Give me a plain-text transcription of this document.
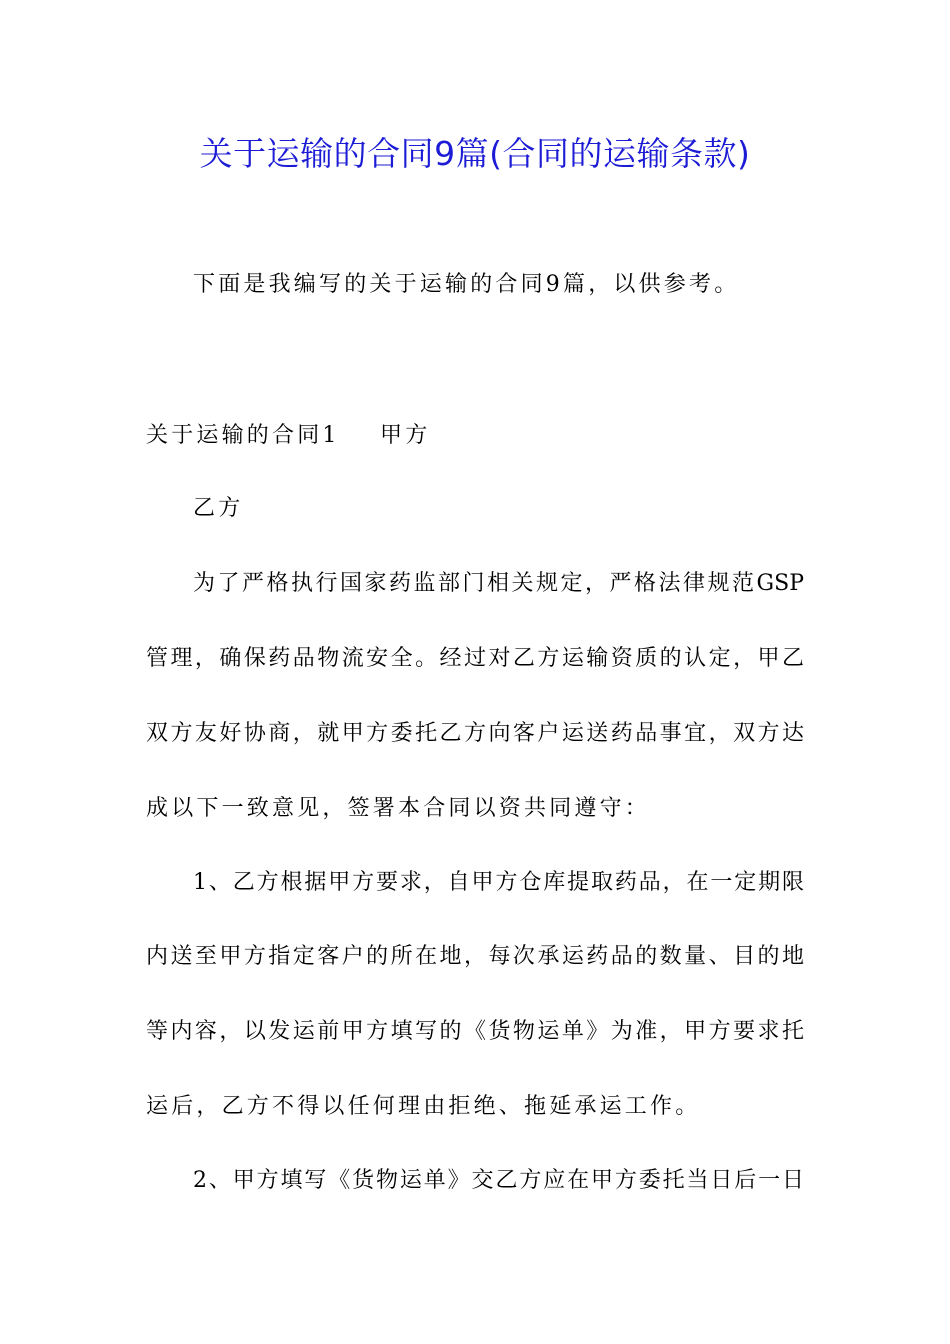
关于运输的合同9篇(合同的运输条款)
下面是我编写的关于运输的合同9篇，以供参考。
关于运输的合同1 甲方
乙方
为了严格执行国家药监部门相关规定，严格法律规范GSP
管理，确保药品物流安全。经过对乙方运输资质的认定，甲乙
双方友好协商，就甲方委托乙方向客户运送药品事宜，双方达
成以下一致意见，签署本合同以资共同遵守：
1、乙方根据甲方要求，自甲方仓库提取药品，在一定期限
内送至甲方指定客户的所在地，每次承运药品的数量、目的地
等内容，以发运前甲方填写的《货物运单》为准，甲方要求托
运后，乙方不得以任何理由拒绝、拖延承运工作。
2、甲方填写《货物运单》交乙方应在甲方委托当日后一日
